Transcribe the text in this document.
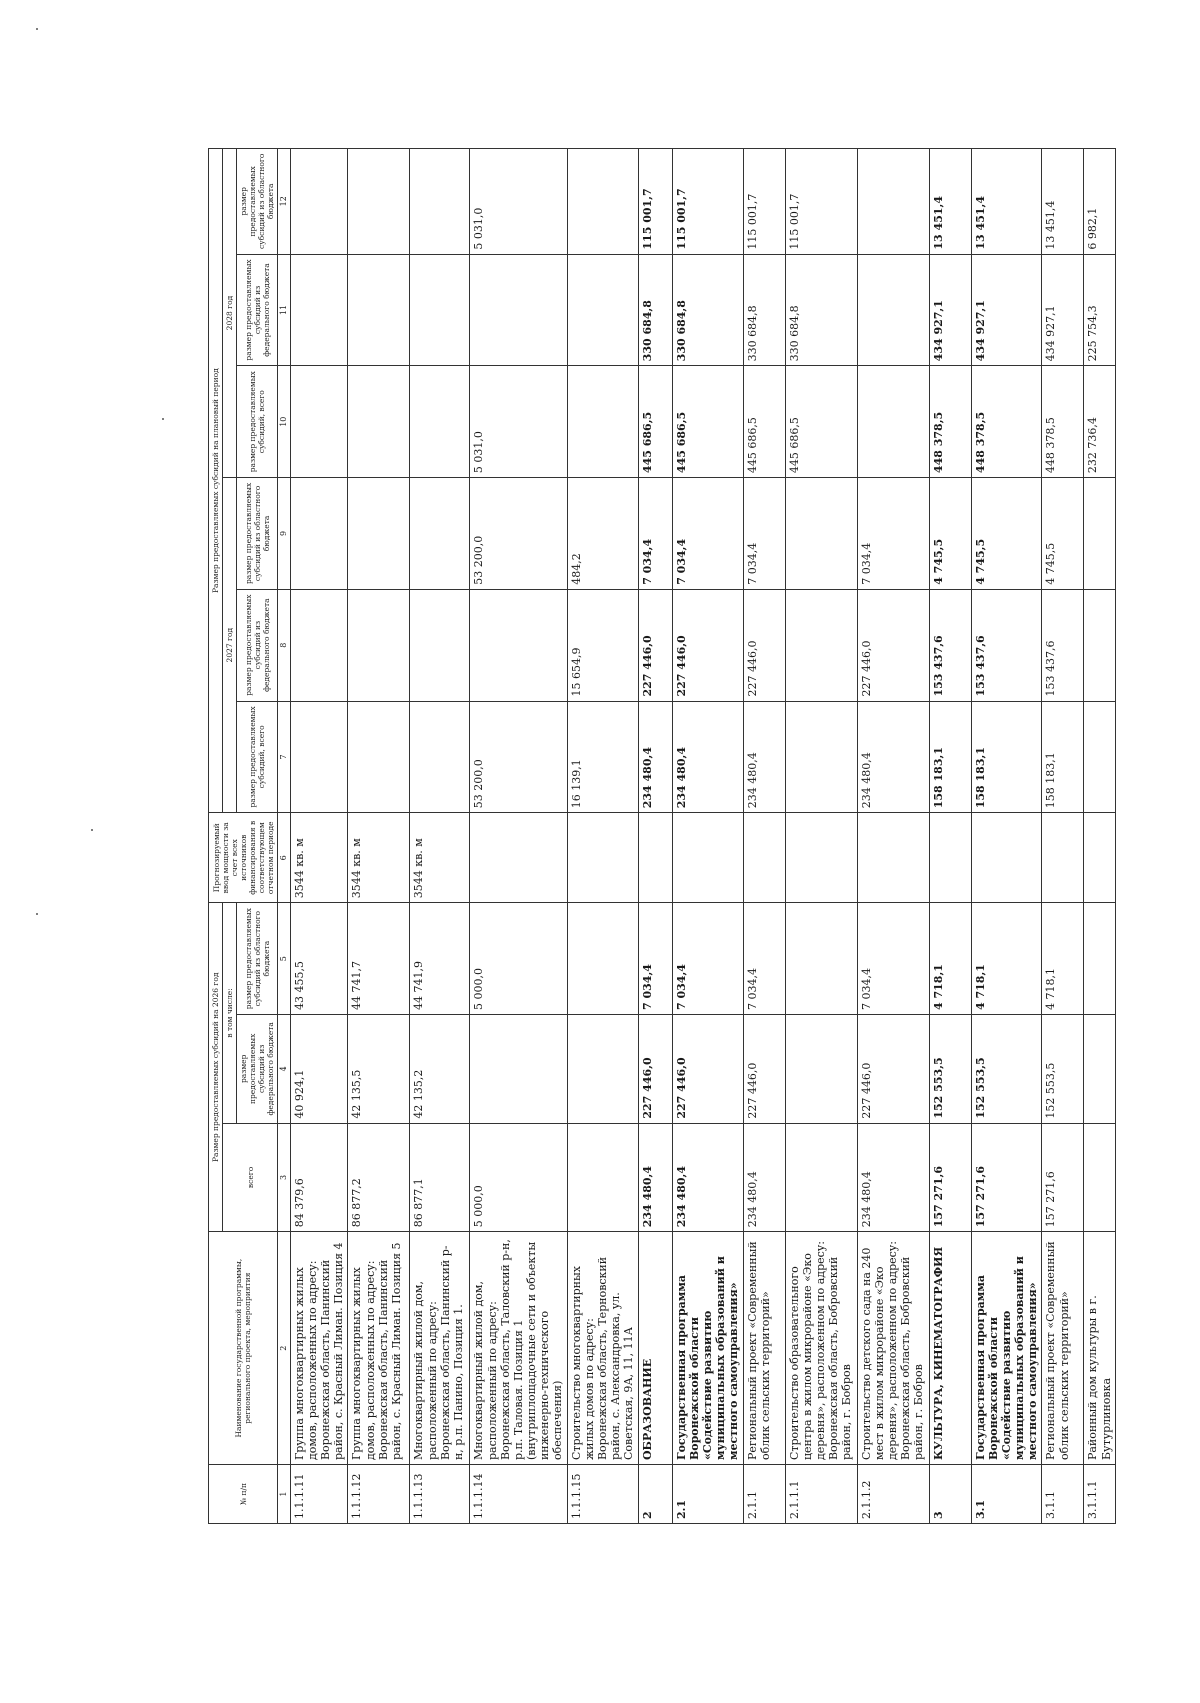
№ п/п	Наименование государственной программы, регионального проекта, мероприятия	Размер предоставляемых субсидий на 2026 год			Прогнозируемый ввод мощности за счет всех источников финансирования в соответствующем отчетном периоде	Размер предоставляемых субсидий на плановый период					
		всего	в том числе:			2027 год			2028 год		
			размер предоставляемых субсидий из федерального бюджета	размер предоставляемых субсидий из областного бюджета		размер предоставляемых субсидий, всего	размер предоставляемых субсидий из федерального бюджета	размер предоставляемых субсидий из областного бюджета	размер предоставляемых субсидий, всего	размер предоставляемых субсидий из федерального бюджета	размер предоставляемых субсидий из областного бюджета
1	2	3	4	5	6	7	8	9	10	11	12
1.1.1.11	Группа многоквартирных жилых домов, расположенных по адресу: Воронежская область, Панинский район, с. Красный Лиман. Позиция 4	84 379,6	40 924,1	43 455,5	3544 кв. м						
1.1.1.12	Группа многоквартирных жилых домов, расположенных по адресу: Воронежская область, Панинский район, с. Красный Лиман. Позиция 5	86 877,2	42 135,5	44 741,7	3544 кв. м						
1.1.1.13	Многоквартирный жилой дом, расположенный по адресу: Воронежская область, Панинский р-н, р.п. Панино, Позиция 1.	86 877,1	42 135,2	44 741,9	3544 кв. м						
1.1.1.14	Многоквартирный жилой дом, расположенный по адресу: Воронежская область, Таловский р-н, р.п. Таловая. Позиция 1 (внутриплощадочные сети и объекты инженерно-технического обеспечения)	5 000,0		5 000,0		53 200,0		53 200,0	5 031,0		5 031,0
1.1.1.15	Строительство многоквартирных жилых домов по адресу: Воронежская область, Терновский район, с. Александровка, ул. Советская, 9А, 11, 11А					16 139,1	15 654,9	484,2			
2	ОБРАЗОВАНИЕ	234 480,4	227 446,0	7 034,4		234 480,4	227 446,0	7 034,4	445 686,5	330 684,8	115 001,7
2.1	Государственная программа Воронежской области «Содействие развитию муниципальных образований и местного самоуправления»	234 480,4	227 446,0	7 034,4		234 480,4	227 446,0	7 034,4	445 686,5	330 684,8	115 001,7
2.1.1	Региональный проект «Современный облик сельских территорий»	234 480,4	227 446,0	7 034,4		234 480,4	227 446,0	7 034,4	445 686,5	330 684,8	115 001,7
2.1.1.1	Строительство образовательного центра в жилом микрорайоне «Эко деревня», расположенном по адресу: Воронежская область, Бобровский район, г. Бобров								445 686,5	330 684,8	115 001,7
2.1.1.2	Строительство детского сада на 240 мест в жилом микрорайоне «Эко деревня», расположенном по адресу: Воронежская область, Бобровский район, г. Бобров	234 480,4	227 446,0	7 034,4		234 480,4	227 446,0	7 034,4			
3	КУЛЬТУРА, КИНЕМАТОГРАФИЯ	157 271,6	152 553,5	4 718,1		158 183,1	153 437,6	4 745,5	448 378,5	434 927,1	13 451,4
3.1	Государственная программа Воронежской области «Содействие развитию муниципальных образований и местного самоуправления»	157 271,6	152 553,5	4 718,1		158 183,1	153 437,6	4 745,5	448 378,5	434 927,1	13 451,4
3.1.1	Региональный проект «Современный облик сельских территорий»	157 271,6	152 553,5	4 718,1		158 183,1	153 437,6	4 745,5	448 378,5	434 927,1	13 451,4
3.1.1.1	Районный дом культуры в г. Бутурлиновка								232 736,4	225 754,3	6 982,1
